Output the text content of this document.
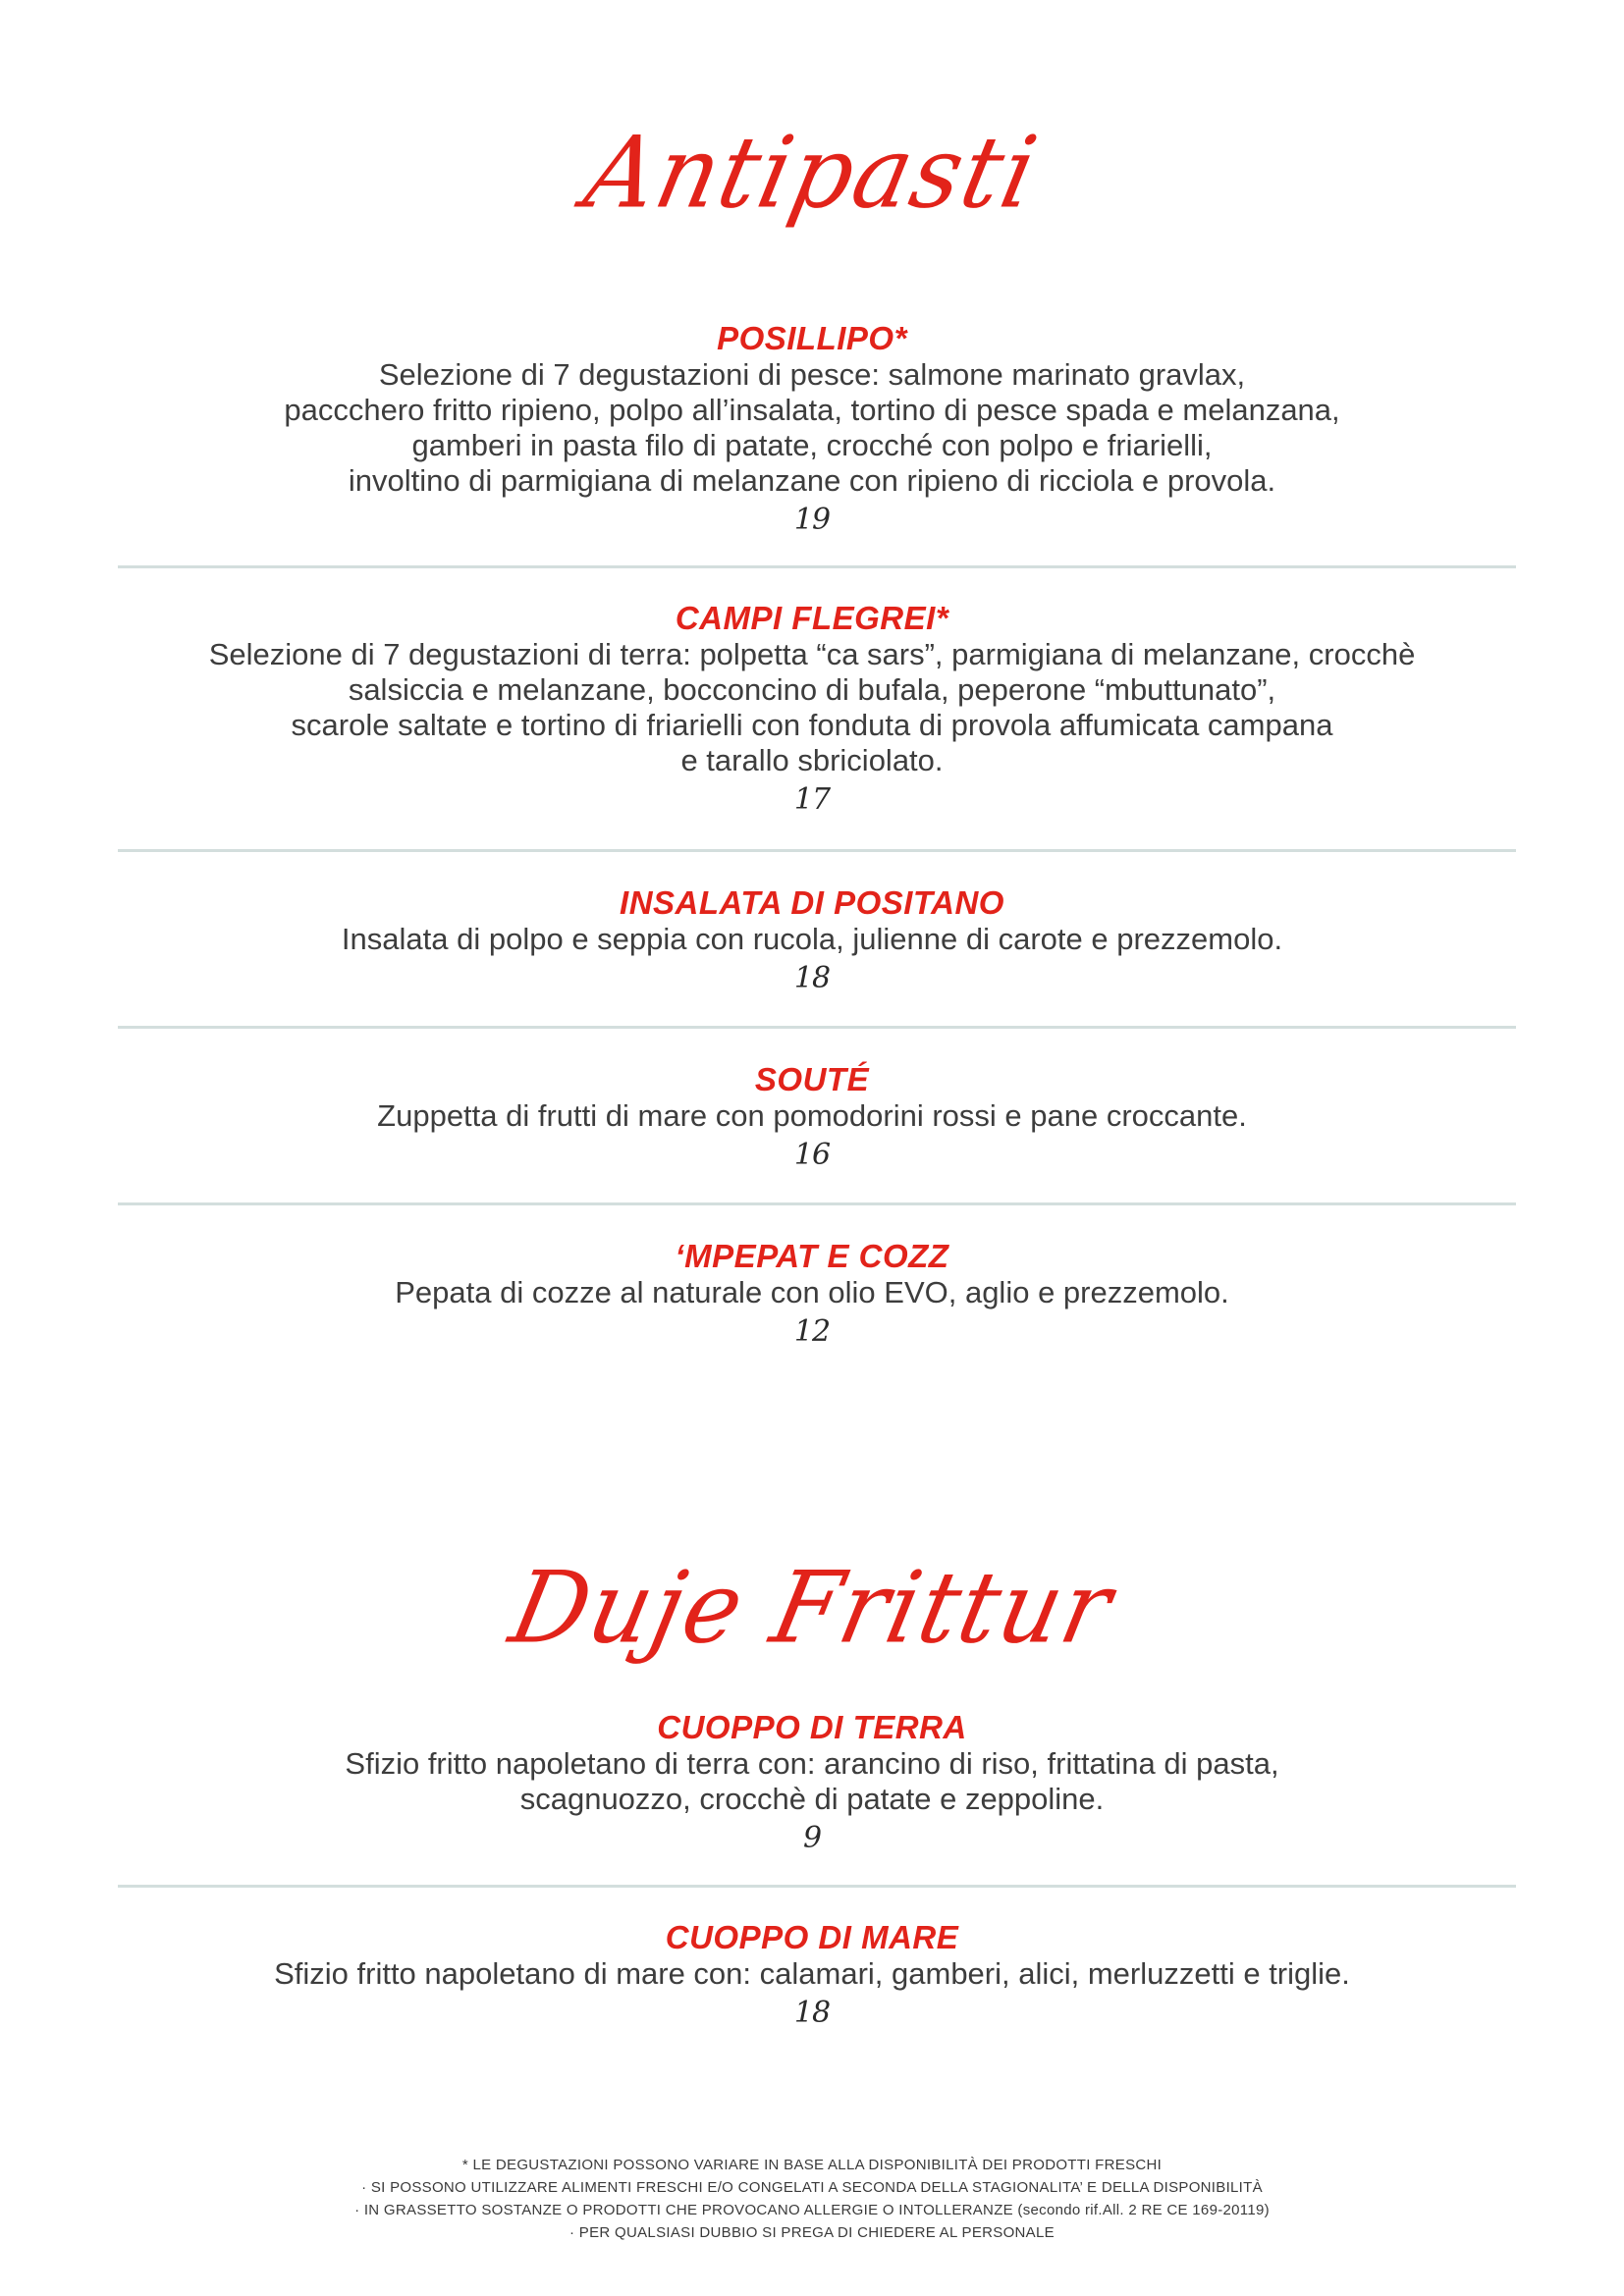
Antipasti
POSILLIPO*
Selezione di 7 degustazioni di pesce: salmone marinato gravlax,
paccchero fritto ripieno, polpo all’insalata, tortino di pesce spada e melanzana,
gamberi in pasta filo di patate, crocché con polpo e friarielli,
involtino di parmigiana di melanzane con ripieno di ricciola e provola.
19
CAMPI FLEGREI*
Selezione di 7 degustazioni di terra: polpetta “ca sars”, parmigiana di melanzane, crocchè
salsiccia e melanzane, bocconcino di bufala, peperone “mbuttunato”,
scarole saltate e tortino di friarielli con fonduta di provola affumicata campana
e tarallo sbriciolato.
17
INSALATA DI POSITANO
Insalata di polpo e seppia con rucola, julienne di carote e prezzemolo.
18
SOUTÉ
Zuppetta di frutti di mare con pomodorini rossi e pane croccante.
16
‘MPEPAT E COZZ
Pepata di cozze al naturale con olio EVO, aglio e prezzemolo.
12
Duje Frittur
CUOPPO DI TERRA
Sfizio fritto napoletano di terra con: arancino di riso, frittatina di pasta,
scagnuozzo, crocchè di patate e zeppoline.
9
CUOPPO DI MARE
Sfizio fritto napoletano di mare con: calamari, gamberi, alici, merluzzetti e triglie.
18
* LE DEGUSTAZIONI POSSONO VARIARE IN BASE ALLA DISPONIBILITÀ DEI PRODOTTI FRESCHI
· SI POSSONO UTILIZZARE ALIMENTI FRESCHI E/O CONGELATI A SECONDA DELLA STAGIONALITA’ E DELLA DISPONIBILITÀ
· IN GRASSETTO SOSTANZE O PRODOTTI CHE PROVOCANO ALLERGIE O INTOLLERANZE (secondo rif.All. 2 RE CE 169-20119)
· PER QUALSIASI DUBBIO SI PREGA DI CHIEDERE AL PERSONALE
